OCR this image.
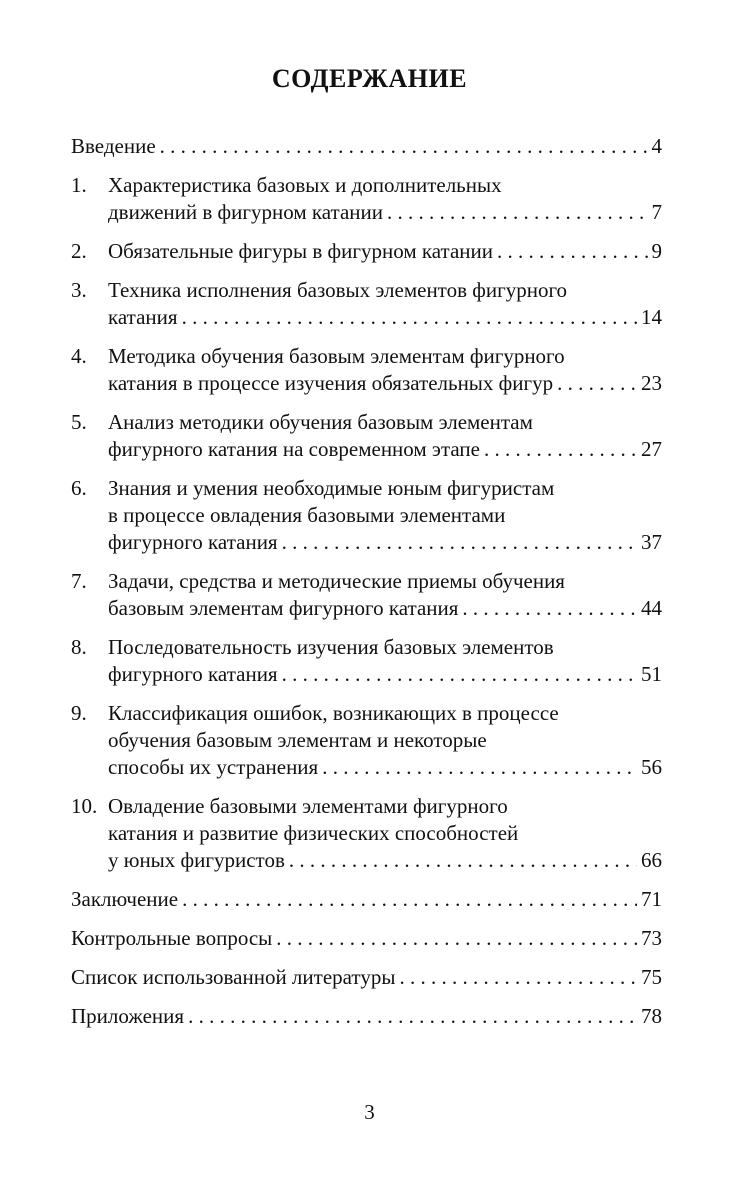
СОДЕРЖАНИЕ
Введение . . .	4
1.	Характеристика базовых и дополнительных
движений в фигурном катании . . .	7
2.	Обязательные фигуры в фигурном катании . . .	9
3.	Техника исполнения базовых элементов фигурного
катания . . .	14
4.	Методика обучения базовым элементам фигурного
катания в процессе изучения обязательных фигур . . .	23
5.	Анализ методики обучения базовым элементам
фигурного катания на современном этапе . . .	27
6.	Знания и умения необходимые юным фигуристам
в процессе овладения базовыми элементами
фигурного катания . . .	37
7.	Задачи, средства и методические приемы обучения
базовым элементам фигурного катания . . .	44
8.	Последовательность изучения базовых элементов
фигурного катания . . .	51
9.	Классификация ошибок, возникающих в процессе
обучения базовым элементам и некоторые
способы их устранения . . .	56
10. Овладение базовыми элементами фигурного
катания и развитие физических способностей
у юных фигуристов . . .	66
Заключение . . .	71
Контрольные вопросы . . .	73
Список использованной литературы . . .	75
Приложения . . .	78
3
